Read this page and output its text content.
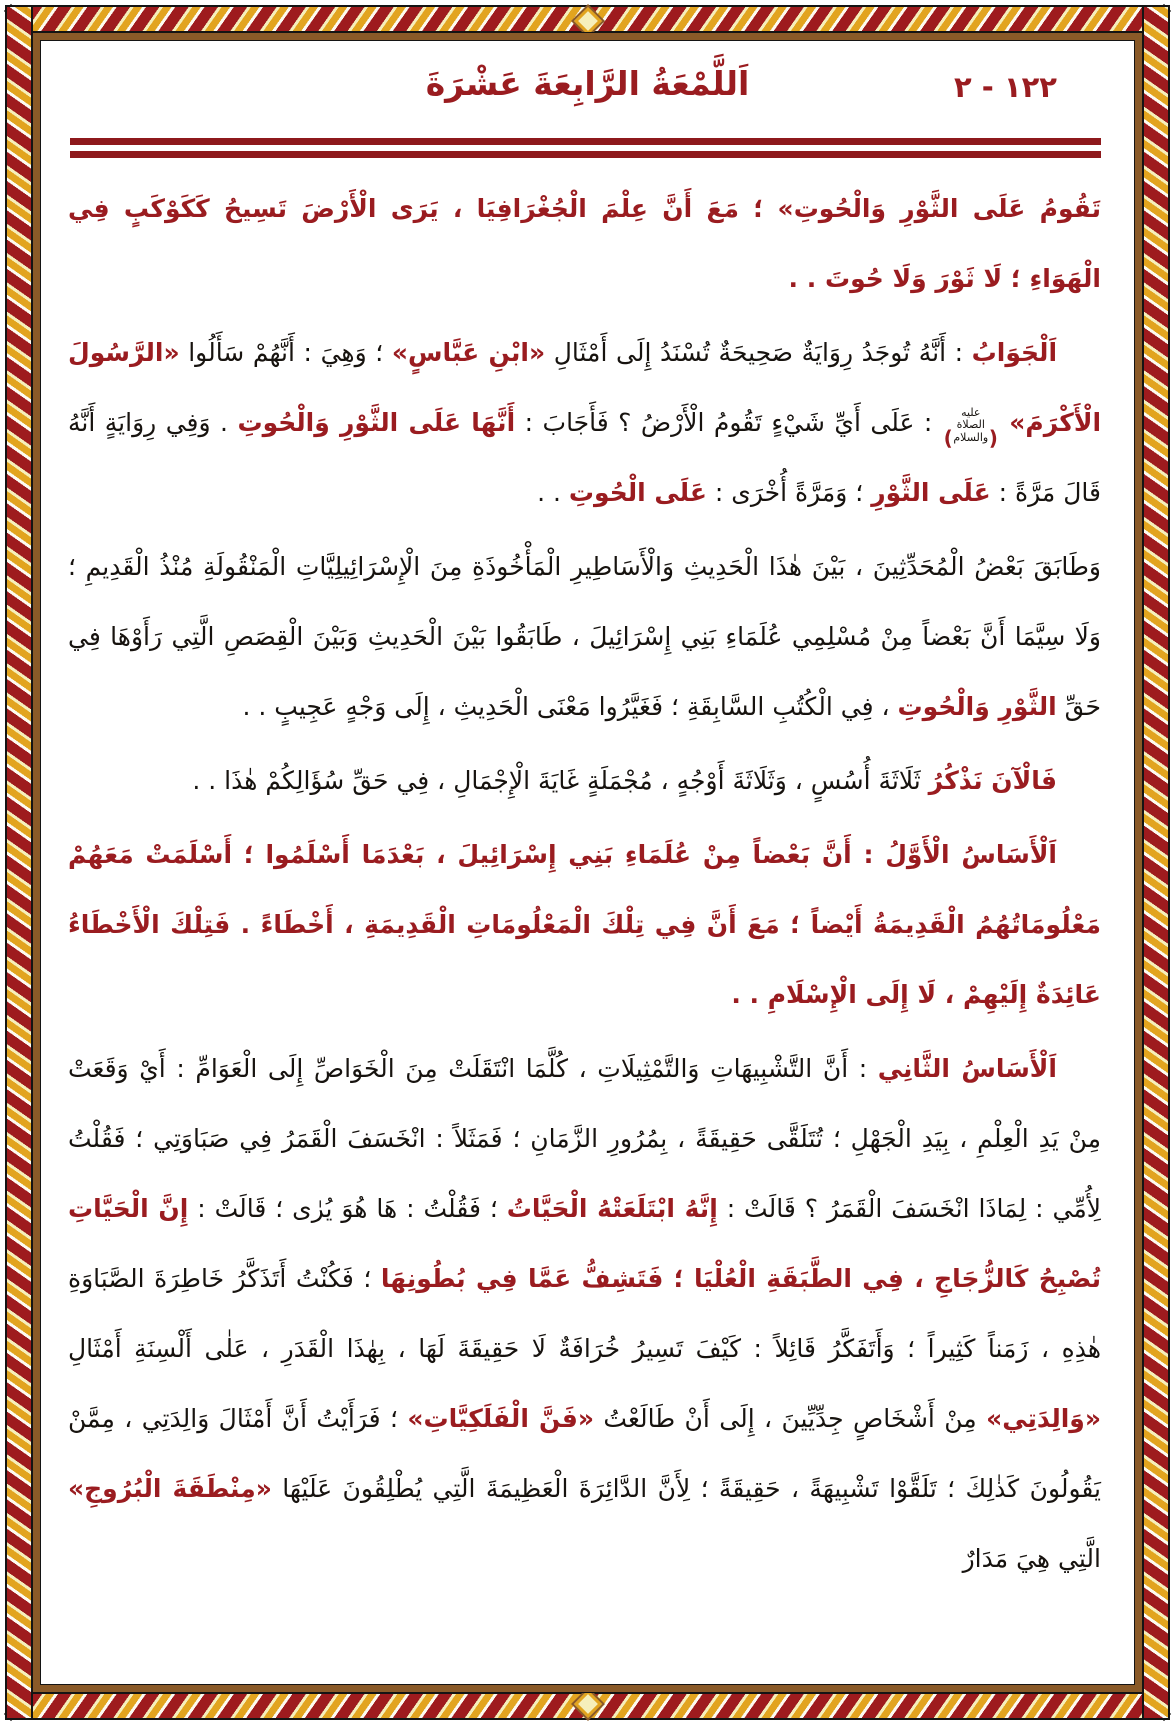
١٢٢ - ٢
اَللَّمْعَةُ الرَّابِعَةَ عَشْرَةَ

تَقُومُ عَلَى الثَّوْرِ وَالْحُوتِ» ؛ مَعَ أَنَّ عِلْمَ الْجُغْرَافِيَا ، يَرَى الْأَرْضَ تَسِيحُ كَكَوْكَبٍ فِي الْهَوَاءِ ؛ لَا ثَوْرَ وَلَا حُوتَ . .

اَلْجَوَابُ : أَنَّهُ تُوجَدُ رِوَايَةٌ صَحِيحَةٌ تُسْنَدُ إِلَى أَمْثَالِ «ابْنِ عَبَّاسٍ» ؛ وَهِيَ : أَنَّهُمْ سَأَلُوا «الرَّسُولَ الْأَكْرَمَ» (عليه الصلاة والسلام) : عَلَى أَيِّ شَيْءٍ تَقُومُ الْأَرْضُ ؟ فَأَجَابَ : أَنَّهَا عَلَى الثَّوْرِ وَالْحُوتِ . وَفِي رِوَايَةٍ أَنَّهُ قَالَ مَرَّةً : عَلَى الثَّوْرِ ؛ وَمَرَّةً أُخْرَى : عَلَى الْحُوتِ . .

وَطَابَقَ بَعْضُ الْمُحَدِّثِينَ ، بَيْنَ هٰذَا الْحَدِيثِ وَالْأَسَاطِيرِ الْمَأْخُوذَةِ مِنَ الْإِسْرَائِيلِيَّاتِ الْمَنْقُولَةِ مُنْذُ الْقَدِيمِ ؛ وَلَا سِيَّمَا أَنَّ بَعْضاً مِنْ مُسْلِمِي عُلَمَاءِ بَنِي إِسْرَائِيلَ ، طَابَقُوا بَيْنَ الْحَدِيثِ وَبَيْنَ الْقِصَصِ الَّتِي رَأَوْهَا فِي حَقِّ الثَّوْرِ وَالْحُوتِ ، فِي الْكُتُبِ السَّابِقَةِ ؛ فَغَيَّرُوا مَعْنَى الْحَدِيثِ ، إِلَى وَجْهٍ عَجِيبٍ . .

فَالْآنَ نَذْكُرُ ثَلَاثَةَ أُسُسٍ ، وَثَلَاثَةَ أَوْجُهٍ ، مُجْمَلَةٍ غَايَةَ الْإِجْمَالِ ، فِي حَقِّ سُؤَالِكُمْ هٰذَا . .

اَلْأَسَاسُ الْأَوَّلُ : أَنَّ بَعْضاً مِنْ عُلَمَاءِ بَنِي إِسْرَائِيلَ ، بَعْدَمَا أَسْلَمُوا ؛ أَسْلَمَتْ مَعَهُمْ مَعْلُومَاتُهُمُ الْقَدِيمَةُ أَيْضاً ؛ مَعَ أَنَّ فِي تِلْكَ الْمَعْلُومَاتِ الْقَدِيمَةِ ، أَخْطَاءً . فَتِلْكَ الْأَخْطَاءُ عَائِدَةٌ إِلَيْهِمْ ، لَا إِلَى الْإِسْلَامِ . .

اَلْأَسَاسُ الثَّانِي : أَنَّ التَّشْبِيهَاتِ وَالتَّمْثِيلَاتِ ، كُلَّمَا انْتَقَلَتْ مِنَ الْخَوَاصِّ إِلَى الْعَوَامِّ : أَيْ وَقَعَتْ مِنْ يَدِ الْعِلْمِ ، بِيَدِ الْجَهْلِ ؛ تُتَلَقَّى حَقِيقَةً ، بِمُرُورِ الزَّمَانِ ؛ فَمَثَلاً : انْخَسَفَ الْقَمَرُ فِي صَبَاوَتِي ؛ فَقُلْتُ لِأُمِّي : لِمَاذَا انْخَسَفَ الْقَمَرُ ؟ قَالَتْ : إِنَّهُ ابْتَلَعَتْهُ الْحَيَّاتُ ؛ فَقُلْتُ : هَا هُوَ يُرٰى ؛ قَالَتْ : إِنَّ الْحَيَّاتِ تُصْبِحُ كَالزُّجَاجِ ، فِي الطَّبَقَةِ الْعُلْيَا ؛ فَتَشِفُّ عَمَّا فِي بُطُونِهَا ؛ فَكُنْتُ أَتَذَكَّرُ خَاطِرَةَ الصَّبَاوَةِ هٰذِهِ ، زَمَناً كَثِيراً ؛ وَأَتَفَكَّرُ قَائِلاً : كَيْفَ تَسِيرُ خُرَافَةٌ لَا حَقِيقَةَ لَهَا ، بِهٰذَا الْقَدَرِ ، عَلٰى أَلْسِنَةِ أَمْثَالِ «وَالِدَتِي» مِنْ أَشْخَاصٍ جِدِّيِّينَ ، إِلَى أَنْ طَالَعْتُ «فَنَّ الْفَلَكِيَّاتِ» ؛ فَرَأَيْتُ أَنَّ أَمْثَالَ وَالِدَتِي ، مِمَّنْ يَقُولُونَ كَذٰلِكَ ؛ تَلَقَّوْا تَشْبِيهَةً ، حَقِيقَةً ؛ لِأَنَّ الدَّائِرَةَ الْعَظِيمَةَ الَّتِي يُطْلِقُونَ عَلَيْهَا «مِنْطَقَةَ الْبُرُوجِ» الَّتِي هِيَ مَدَارٌ
